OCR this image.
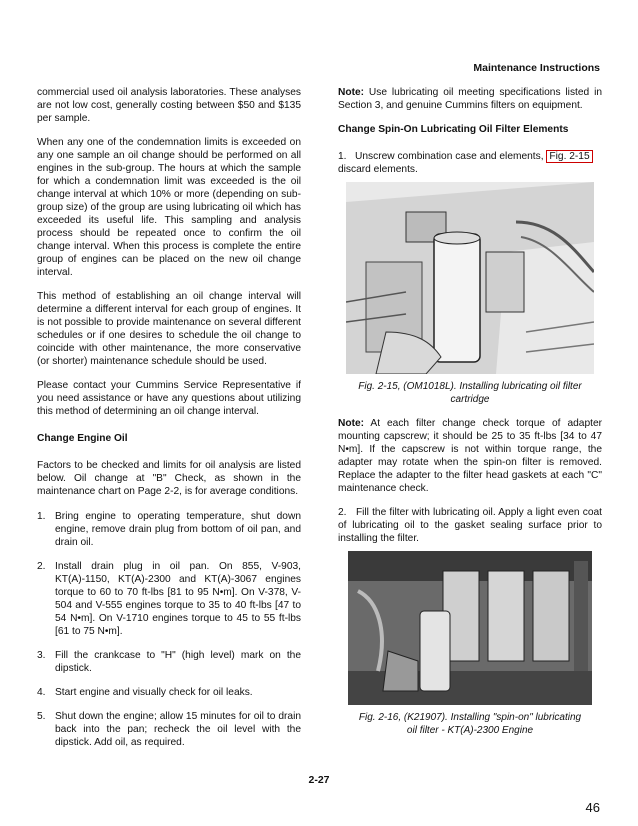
Maintenance Instructions

commercial used oil analysis laboratories. These analyses are not low cost, generally costing between $50 and $135 per sample.

When any one of the condemnation limits is exceeded on any one sample an oil change should be performed on all engines in the sub-group. The hours at which the sample for which a condemnation limit was exceeded is the oil change interval at which 10% or more (depending on sub-group size) of the group are using lubricating oil which has exceeded its useful life. This sampling and analysis process should be repeated once to confirm the oil change interval. When this process is complete the entire group of engines can be placed on the new oil change interval.

This method of establishing an oil change interval will determine a different interval for each group of engines. It is not possible to provide maintenance on several different schedules or if one desires to schedule the oil change to coincide with other maintenance, the more conservative (or shorter) maintenance schedule should be used.

Please contact your Cummins Service Representative if you need assistance or have any questions about utilizing this method of determining an oil change interval.

Change Engine Oil

Factors to be checked and limits for oil analysis are listed below. Oil change at "B" Check, as shown in the maintenance chart on Page 2-2, is for average conditions.

1. Bring engine to operating temperature, shut down engine, remove drain plug from bottom of oil pan, and drain oil.
2. Install drain plug in oil pan. On 855, V-903, KT(A)-1150, KT(A)-2300 and KT(A)-3067 engines torque to 60 to 70 ft-lbs [81 to 95 N•m]. On V-378, V-504 and V-555 engines torque to 35 to 40 ft-lbs [47 to 54 N•m]. On V-1710 engines torque to 45 to 55 ft-lbs [61 to 75 N•m].
3. Fill the crankcase to "H" (high level) mark on the dipstick.
4. Start engine and visually check for oil leaks.
5. Shut down the engine; allow 15 minutes for oil to drain back into the pan; recheck the oil level with the dipstick. Add oil, as required.

Note: Use lubricating oil meeting specifications listed in Section 3, and genuine Cummins filters on equipment.

Change Spin-On Lubricating Oil Filter Elements

1. Unscrew combination case and elements, Fig. 2-15 discard elements.

Fig. 2-15, (OM1018L). Installing lubricating oil filter cartridge

Note: At each filter change check torque of adapter mounting capscrew; it should be 25 to 35 ft-lbs [34 to 47 N•m]. If the capscrew is not within torque range, the adapter may rotate when the spin-on filter is removed. Replace the adapter to the filter head gaskets at each "C" maintenance check.

2. Fill the filter with lubricating oil. Apply a light even coat of lubricating oil to the gasket sealing surface prior to installing the filter.

Fig. 2-16, (K21907). Installing "spin-on" lubricating oil filter - KT(A)-2300 Engine
2-27
46
